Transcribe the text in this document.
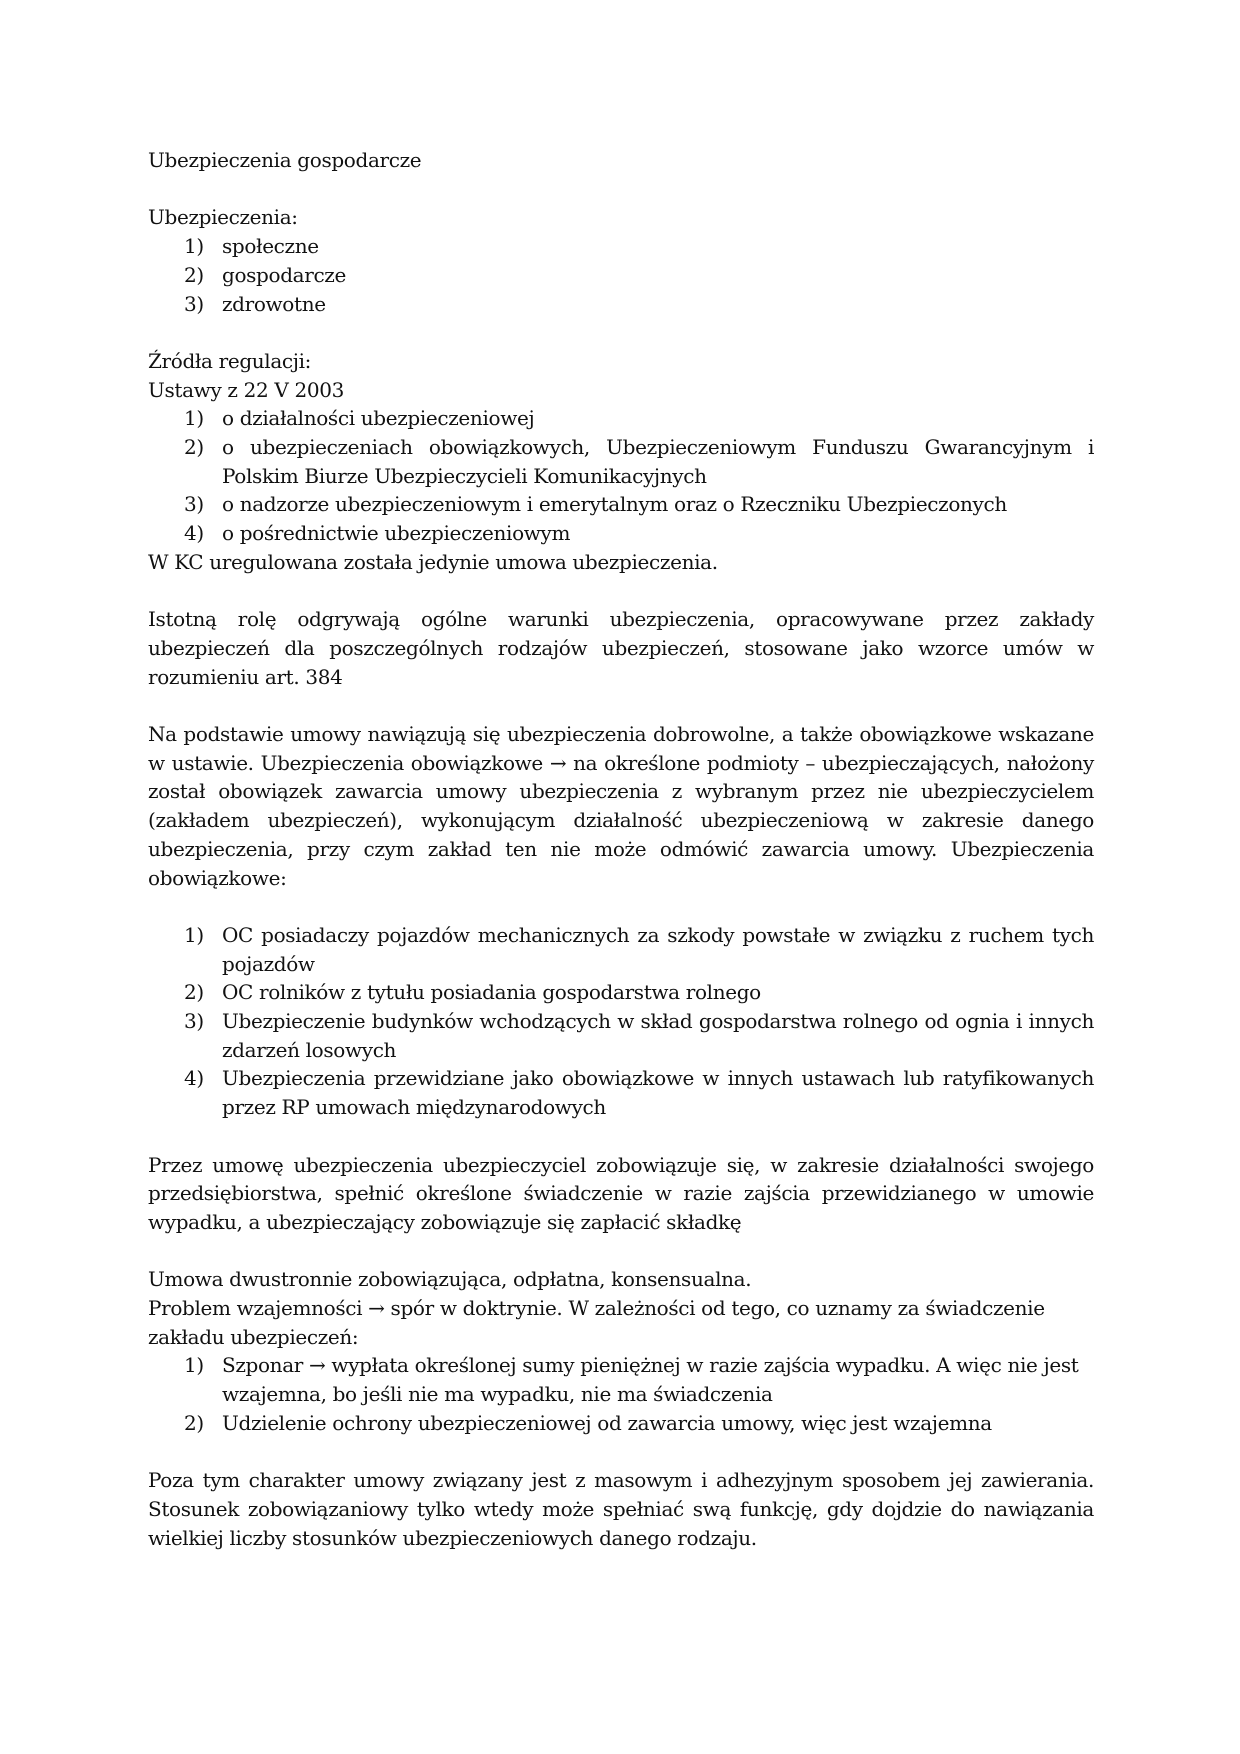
Ubezpieczenia gospodarcze

Ubezpieczenia:

1) społeczne
2) gospodarcze
3) zdrowotne

Źródła regulacji:

Ustawy z 22 V 2003

1) o działalności ubezpieczeniowej
2) o ubezpieczeniach obowiązkowych, Ubezpieczeniowym Funduszu Gwarancyjnym i Polskim Biurze Ubezpieczycieli Komunikacyjnych
3) o nadzorze ubezpieczeniowym i emerytalnym oraz o Rzeczniku Ubezpieczonych
4) o pośrednictwie ubezpieczeniowym

W KC uregulowana została jedynie umowa ubezpieczenia.

Istotną rolę odgrywają ogólne warunki ubezpieczenia, opracowywane przez zakłady ubezpieczeń dla poszczególnych rodzajów ubezpieczeń, stosowane jako wzorce umów w rozumieniu art. 384

Na podstawie umowy nawiązują się ubezpieczenia dobrowolne, a także obowiązkowe wskazane w ustawie. Ubezpieczenia obowiązkowe → na określone podmioty – ubezpieczających, nałożony został obowiązek zawarcia umowy ubezpieczenia z wybranym przez nie ubezpieczycielem (zakładem ubezpieczeń), wykonującym działalność ubezpieczeniową w zakresie danego ubezpieczenia, przy czym zakład ten nie może odmówić zawarcia umowy. Ubezpieczenia obowiązkowe:

1) OC posiadaczy pojazdów mechanicznych za szkody powstałe w związku z ruchem tych pojazdów
2) OC rolników z tytułu posiadania gospodarstwa rolnego
3) Ubezpieczenie budynków wchodzących w skład gospodarstwa rolnego od ognia i innych zdarzeń losowych
4) Ubezpieczenia przewidziane jako obowiązkowe w innych ustawach lub ratyfikowanych przez RP umowach międzynarodowych

Przez umowę ubezpieczenia ubezpieczyciel zobowiązuje się, w zakresie działalności swojego przedsiębiorstwa, spełnić określone świadczenie w razie zajścia przewidzianego w umowie wypadku, a ubezpieczający zobowiązuje się zapłacić składkę

Umowa dwustronnie zobowiązująca, odpłatna, konsensualna.

Problem wzajemności → spór w doktrynie. W zależności od tego, co uznamy za świadczenie zakładu ubezpieczeń:

1) Szponar → wypłata określonej sumy pieniężnej w razie zajścia wypadku. A więc nie jest wzajemna, bo jeśli nie ma wypadku, nie ma świadczenia
2) Udzielenie ochrony ubezpieczeniowej od zawarcia umowy, więc jest wzajemna

Poza tym charakter umowy związany jest z masowym i adhezyjnym sposobem jej zawierania. Stosunek zobowiązaniowy tylko wtedy może spełniać swą funkcję, gdy dojdzie do nawiązania wielkiej liczby stosunków ubezpieczeniowych danego rodzaju.
